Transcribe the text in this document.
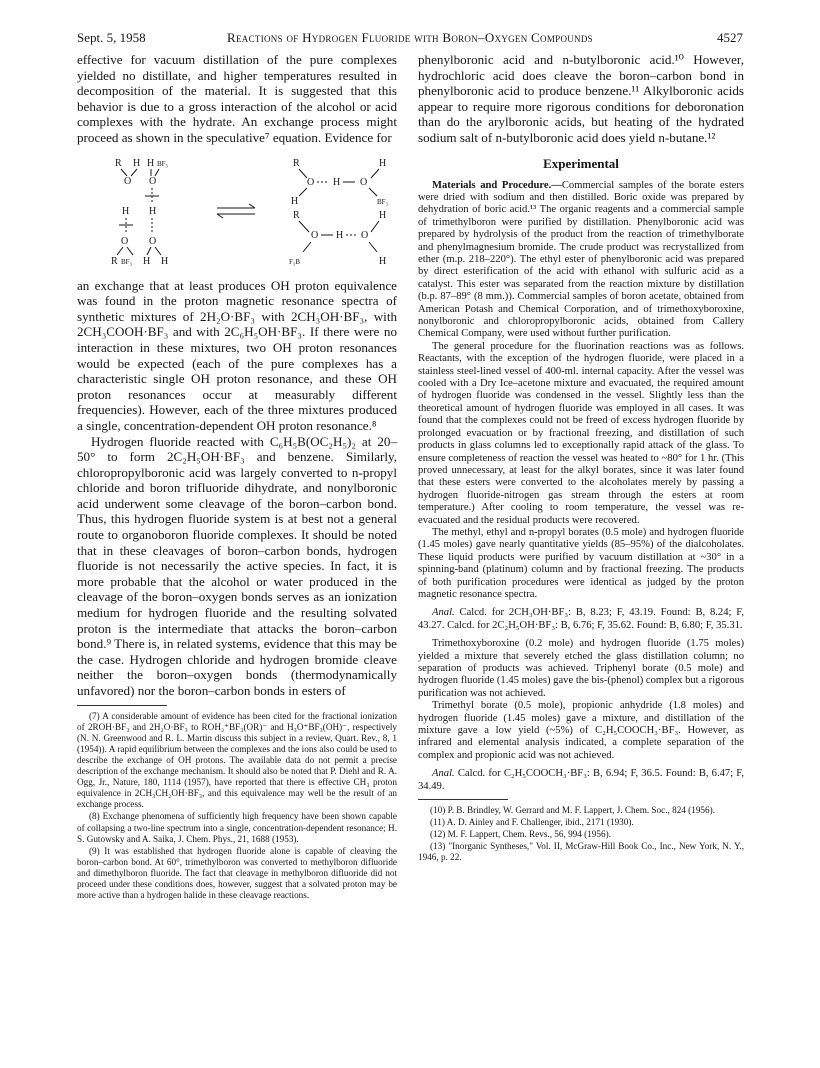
Sept. 5, 1958	Reactions of Hydrogen Fluoride with Boron–Oxygen Compounds	4527

effective for vacuum distillation of the pure complexes yielded no distillate, and higher temperatures resulted in decomposition of the material. It is suggested that this behavior is due to a gross interaction of the alcohol or acid complexes with the hydrate. An exchange process might proceed as shown in the speculative⁷ equation. Evidence for

R H H BF₃
O O
H H
O O
R BF₃ H H
R	H
O H O
H	BF₃
R	H
O H O
F₃B	H

an exchange that at least produces OH proton equivalence was found in the proton magnetic resonance spectra of synthetic mixtures of 2H₂O·BF₃ with 2CH₃OH·BF₃, with 2CH₃COOH·BF₃ and with 2C₆H₅OH·BF₃. If there were no interaction in these mixtures, two OH proton resonances would be expected (each of the pure complexes has a characteristic single OH proton resonance, and these OH proton resonances occur at measurably different frequencies). However, each of the three mixtures produced a single, concentration-dependent OH proton resonance.⁸

Hydrogen fluoride reacted with C₆H₅B(OC₂H₅)₂ at 20–50° to form 2C₂H₅OH·BF₃ and benzene. Similarly, chloropropylboronic acid was largely converted to n-propyl chloride and boron trifluoride dihydrate, and nonylboronic acid underwent some cleavage of the boron–carbon bond. Thus, this hydrogen fluoride system is at best not a general route to organoboron fluoride complexes. It should be noted that in these cleavages of boron–carbon bonds, hydrogen fluoride is not necessarily the active species. In fact, it is more probable that the alcohol or water produced in the cleavage of the boron–oxygen bonds serves as an ionization medium for hydrogen fluoride and the resulting solvated proton is the intermediate that attacks the boron–carbon bond.⁹ There is, in related systems, evidence that this may be the case. Hydrogen chloride and hydrogen bromide cleave neither the boron–oxygen bonds (thermodynamically unfavored) nor the boron–carbon bonds in esters of

(7) A considerable amount of evidence has been cited for the fractional ionization of 2ROH·BF₃ and 2H₂O·BF₃ to ROH₂⁺BF₃(OR)⁻ and H₃O⁺BF₃(OH)⁻, respectively (N. N. Greenwood and R. L. Martin discuss this subject in a review, Quart. Rev., 8, 1 (1954)). A rapid equilibrium between the complexes and the ions also could be used to describe the exchange of OH protons. The available data do not permit a precise description of the exchange mechanism. It should also be noted that P. Diehl and R. A. Ogg, Jr., Nature, 180, 1114 (1957), have reported that there is effective CH₃ proton equivalence in 2CH₃CH₂OH·BF₃, and this equivalence may well be the result of an exchange process.

(8) Exchange phenomena of sufficiently high frequency have been shown capable of collapsing a two-line spectrum into a single, concentration-dependent resonance; H. S. Gutowsky and A. Saika, J. Chem. Phys., 21, 1688 (1953).

(9) It was established that hydrogen fluoride alone is capable of cleaving the boron–carbon bond. At 60°, trimethylboron was converted to methylboron difluoride and dimethylboron fluoride. The fact that cleavage in methylboron difluoride did not proceed under these conditions does, however, suggest that a solvated proton may be more active than a hydrogen halide in these cleavage reactions.

phenylboronic acid and n-butylboronic acid.¹⁰ However, hydrochloric acid does cleave the boron–carbon bond in phenylboronic acid to produce benzene.¹¹ Alkylboronic acids appear to require more rigorous conditions for deboronation than do the arylboronic acids, but heating of the hydrated sodium salt of n-butylboronic acid does yield n-butane.¹²

Experimental

Materials and Procedure.—Commercial samples of the borate esters were dried with sodium and then distilled. Boric oxide was prepared by dehydration of boric acid.¹³ The organic reagents and a commercial sample of trimethylboron were purified by distillation. Phenylboronic acid was prepared by hydrolysis of the product from the reaction of trimethylborate and phenylmagnesium bromide. The crude product was recrystallized from ether (m.p. 218–220°). The ethyl ester of phenylboronic acid was prepared by direct esterification of the acid with ethanol with sulfuric acid as a catalyst. This ester was separated from the reaction mixture by distillation (b.p. 87–89° (8 mm.)). Commercial samples of boron acetate, obtained from American Potash and Chemical Corporation, and of trimethoxyboroxine, nonylboronic and chloropropylboronic acids, obtained from Callery Chemical Company, were used without further purification.

The general procedure for the fluorination reactions was as follows. Reactants, with the exception of the hydrogen fluoride, were placed in a stainless steel-lined vessel of 400-ml. internal capacity. After the vessel was cooled with a Dry Ice–acetone mixture and evacuated, the required amount of hydrogen fluoride was condensed in the vessel. Slightly less than the theoretical amount of hydrogen fluoride was employed in all cases. It was found that the complexes could not be freed of excess hydrogen fluoride by prolonged evacuation or by fractional freezing, and distillation of such products in glass columns led to exceptionally rapid attack of the glass. To ensure completeness of reaction the vessel was heated to ~80° for 1 hr. (This proved unnecessary, at least for the alkyl borates, since it was later found that these esters were converted to the alcoholates merely by passing a hydrogen fluoride-nitrogen gas stream through the esters at room temperature.) After cooling to room temperature, the vessel was re-evacuated and the residual products were recovered.

The methyl, ethyl and n-propyl borates (0.5 mole) and hydrogen fluoride (1.45 moles) gave nearly quantitative yields (85–95%) of the dialcoholates. These liquid products were purified by vacuum distillation at ~30° in a spinning-band (platinum) column and by fractional freezing. The products of both purification procedures were identical as judged by the proton magnetic resonance spectra.

Anal. Calcd. for 2CH₃OH·BF₃: B, 8.23; F, 43.19. Found: B, 8.24; F, 43.27. Calcd. for 2C₂H₅OH·BF₃: B, 6.76; F, 35.62. Found: B, 6.80; F, 35.31.

Trimethoxyboroxine (0.2 mole) and hydrogen fluoride (1.75 moles) yielded a mixture that severely etched the glass distillation column; no separation of products was achieved. Triphenyl borate (0.5 mole) and hydrogen fluoride (1.45 moles) gave the bis-(phenol) complex but a rigorous purification was not achieved.

Trimethyl borate (0.5 mole), propionic anhydride (1.8 moles) and hydrogen fluoride (1.45 moles) gave a mixture, and distillation of the mixture gave a low yield (~5%) of C₂H₅COOCH₃·BF₃. However, as infrared and elemental analysis indicated, a complete separation of the complex and propionic acid was not achieved.

Anal. Calcd. for C₂H₅COOCH₃·BF₃: B, 6.94; F, 36.5. Found: B, 6.47; F, 34.49.

(10) P. B. Brindley, W. Gerrard and M. F. Lappert, J. Chem. Soc., 824 (1956).

(11) A. D. Ainley and F. Challenger, ibid., 2171 (1930).

(12) M. F. Lappert, Chem. Revs., 56, 994 (1956).

(13) "Inorganic Syntheses," Vol. II, McGraw-Hill Book Co., Inc., New York, N. Y., 1946, p. 22.
